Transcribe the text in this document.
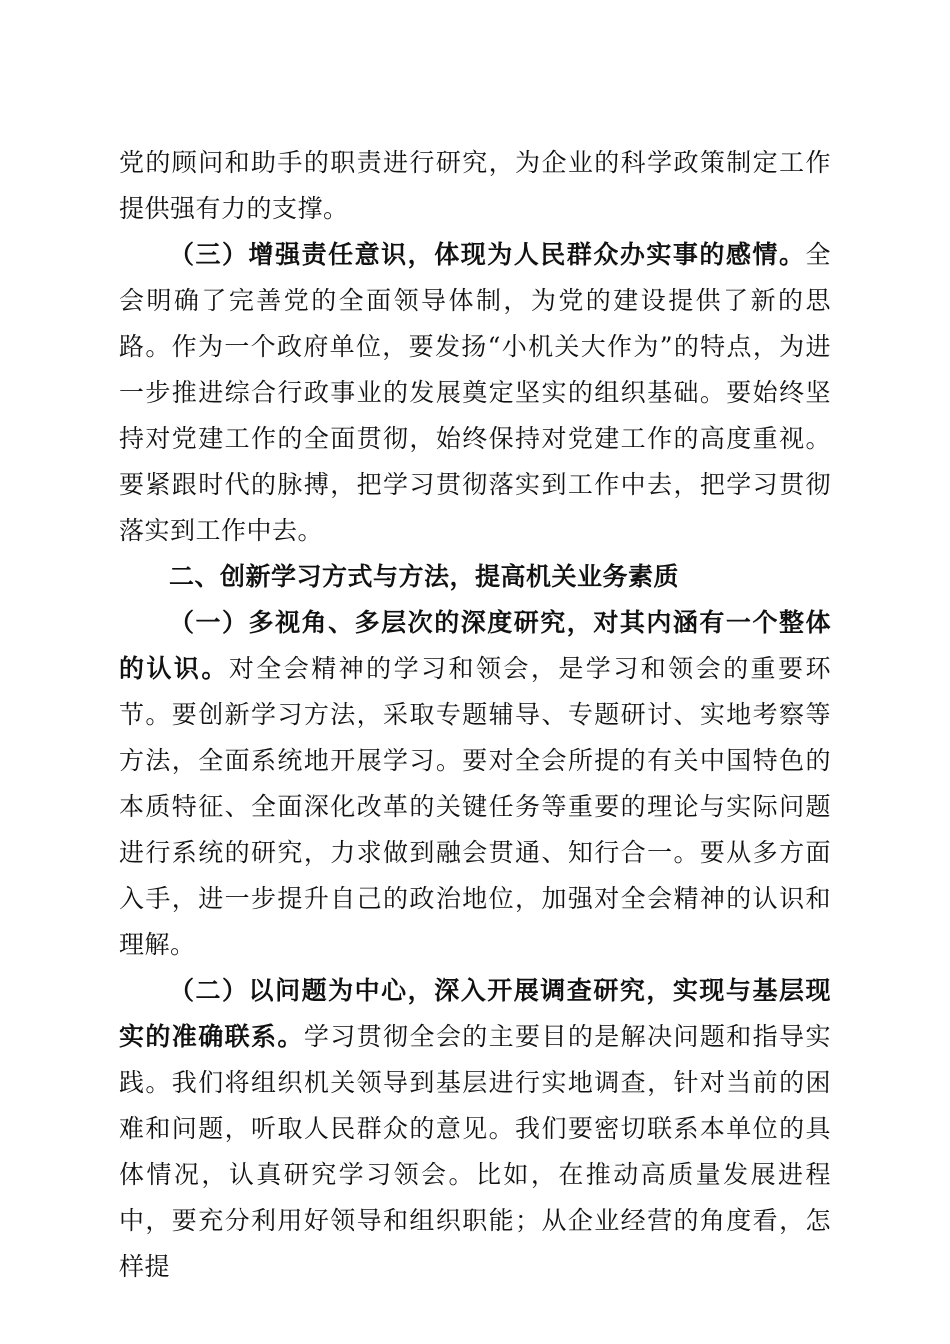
党的顾问和助手的职责进行研究，为企业的科学政策制定工作提供强有力的支撑。

（三）增强责任意识，体现为人民群众办实事的感情。全会明确了完善党的全面领导体制，为党的建设提供了新的思路。作为一个政府单位，要发扬“小机关大作为”的特点，为进一步推进综合行政事业的发展奠定坚实的组织基础。要始终坚持对党建工作的全面贯彻，始终保持对党建工作的高度重视。要紧跟时代的脉搏，把学习贯彻落实到工作中去，把学习贯彻落实到工作中去。

二、创新学习方式与方法，提高机关业务素质

（一）多视角、多层次的深度研究，对其内涵有一个整体的认识。对全会精神的学习和领会，是学习和领会的重要环节。要创新学习方法，采取专题辅导、专题研讨、实地考察等方法，全面系统地开展学习。要对全会所提的有关中国特色的本质特征、全面深化改革的关键任务等重要的理论与实际问题进行系统的研究，力求做到融会贯通、知行合一。要从多方面入手，进一步提升自己的政治地位，加强对全会精神的认识和理解。

（二）以问题为中心，深入开展调查研究，实现与基层现实的准确联系。学习贯彻全会的主要目的是解决问题和指导实践。我们将组织机关领导到基层进行实地调查，针对当前的困难和问题，听取人民群众的意见。我们要密切联系本单位的具体情况，认真研究学习领会。比如，在推动高质量发展进程中，要充分利用好领导和组织职能；从企业经营的角度看，怎样提
